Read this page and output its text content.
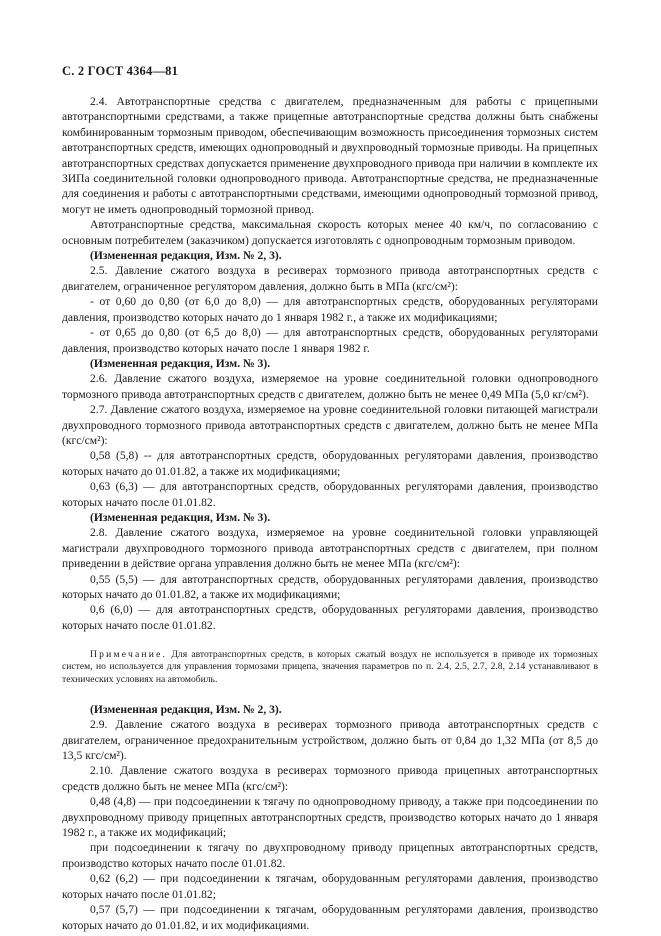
С. 2 ГОСТ 4364—81

2.4. Автотранспортные средства с двигателем, предназначенным для работы с прицепными автотранспортными средствами, а также прицепные автотранспортные средства должны быть снабжены комбинированным тормозным приводом, обеспечивающим возможность присоединения тормозных систем автотранспортных средств, имеющих однопроводный и двухпроводный тормозные приводы. На прицепных автотранспортных средствах допускается применение двухпроводного привода при наличии в комплекте их ЗИПа соединительной головки однопроводного привода. Автотранспортные средства, не предназначенные для соединения и работы с автотранспортными средствами, имеющими однопроводный тормозной привод, могут не иметь однопроводный тормозной привод.

Автотранспортные средства, максимальная скорость которых менее 40 км/ч, по согласованию с основным потребителем (заказчиком) допускается изготовлять с однопроводным тормозным приводом.

(Измененная редакция, Изм. № 2, 3).

2.5. Давление сжатого воздуха в ресиверах тормозного привода автотранспортных средств с двигателем, ограниченное регулятором давления, должно быть в МПа (кгс/см²):

- от 0,60 до 0,80 (от 6,0 до 8,0) — для автотранспортных средств, оборудованных регуляторами давления, производство которых начато до 1 января 1982 г., а также их модификациями;

- от 0,65 до 0,80 (от 6,5 до 8,0) — для автотранспортных средств, оборудованных регуляторами давления, производство которых начато после 1 января 1982 г.

(Измененная редакция, Изм. № 3).

2.6. Давление сжатого воздуха, измеряемое на уровне соединительной головки однопроводного тормозного привода автотранспортных средств с двигателем, должно быть не менее 0,49 МПа (5,0 кг/см²).

2.7. Давление сжатого воздуха, измеряемое на уровне соединительной головки питающей магистрали двухпроводного тормозного привода автотранспортных средств с двигателем, должно быть не менее МПа (кгс/см²):

0,58 (5,8) -- для автотранспортных средств, оборудованных регуляторами давления, производство которых начато до 01.01.82, а также их модификациями;

0,63 (6,3) — для автотранспортных средств, оборудованных регуляторами давления, производство которых начато после 01.01.82.

(Измененная редакция, Изм. № 3).

2.8. Давление сжатого воздуха, измеряемое на уровне соединительной головки управляющей магистрали двухпроводного тормозного привода автотранспортных средств с двигателем, при полном приведении в действие органа управления должно быть не менее МПа (кгс/см²):

0,55 (5,5) — для автотранспортных средств, оборудованных регуляторами давления, производство которых начато до 01.01.82, а также их модификациями;

0,6 (6,0) — для автотранспортных средств, оборудованных регуляторами давления, производство которых начато после 01.01.82.

Примечание. Для автотранспортных средств, в которых сжатый воздух не используется в приводе их тормозных систем, но используется для управления тормозами прицепа, значения параметров по п. 2.4, 2.5, 2.7, 2.8, 2.14 устанавливают в технических условиях на автомобиль.

(Измененная редакция, Изм. № 2, 3).

2.9. Давление сжатого воздуха в ресиверах тормозного привода автотранспортных средств с двигателем, ограниченное предохранительным устройством, должно быть от 0,84 до 1,32 МПа (от 8,5 до 13,5 кгс/см²).

2.10. Давление сжатого воздуха в ресиверах тормозного привода прицепных автотранспортных средств должно быть не менее МПа (кгс/см²):

0,48 (4,8) — при подсоединении к тягачу по однопроводному приводу, а также при подсоединении по двухпроводному приводу прицепных автотранспортных средств, производство которых начато до 1 января 1982 г., а также их модификаций;

при подсоединении к тягачу по двухпроводному приводу прицепных автотранспортных средств, производство которых начато после 01.01.82.

0,62 (6,2) — при подсоединении к тягачам, оборудованным регуляторами давления, производство которых начато после 01.01.82;

0,57 (5,7) — при подсоединении к тягачам, оборудованным регуляторами давления, производство которых начато до 01.01.82, и их модификациями.
